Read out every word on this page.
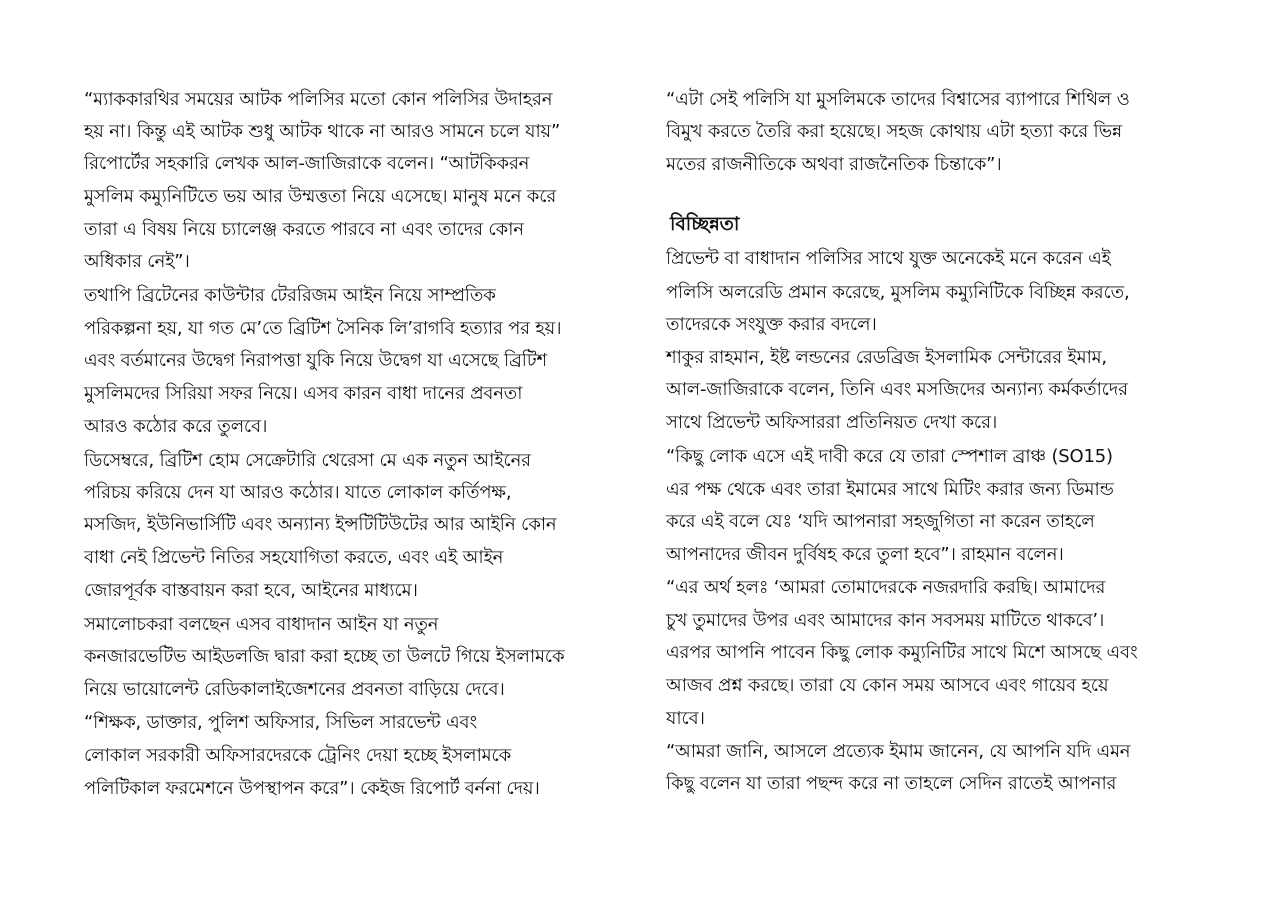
“ম্যাককারথির সময়ের আটক পলিসির মতো কোন পলিসির উদাহরন
হয় না। কিন্তু এই আটক শুধু আটক থাকে না আরও সামনে চলে যায়”
রিপোর্টের সহকারি লেখক আল-জাজিরাকে বলেন। “আটকিকরন
মুসলিম কম্যুনিটিতে ভয় আর উম্মত্ততা নিয়ে এসেছে। মানুষ মনে করে
তারা এ বিষয় নিয়ে চ্যালেঞ্জ করতে পারবে না এবং তাদের কোন
অধিকার নেই”।
তথাপি ব্রিটেনের কাউন্টার টেররিজম আইন নিয়ে সাম্প্রতিক
পরিকল্পনা হয়, যা গত মে’তে ব্রিটিশ সৈনিক লি’রাগবি হত্যার পর হয়।
এবং বর্তমানের উদ্বেগ নিরাপত্তা যুকি নিয়ে উদ্বেগ যা এসেছে ব্রিটিশ
মুসলিমদের সিরিয়া সফর নিয়ে। এসব কারন বাধা দানের প্রবনতা
আরও কঠোর করে তুলবে।
ডিসেম্বরে, ব্রিটিশ হোম সেক্রেটারি থেরেসা মে এক নতুন আইনের
পরিচয় করিয়ে দেন যা আরও কঠোর। যাতে লোকাল কর্তিপক্ষ,
মসজিদ, ইউনিভার্সিটি এবং অন্যান্য ইন্সটিটিউটের আর আইনি কোন
বাধা নেই প্রিভেন্ট নিতির সহযোগিতা করতে, এবং এই আইন
জোরপূর্বক বাস্তবায়ন করা হবে, আইনের মাধ্যমে।
সমালোচকরা বলছেন এসব বাধাদান আইন যা নতুন
কনজারভেটিভ আইডলজি দ্বারা করা হচ্ছে তা উলটে গিয়ে ইসলামকে
নিয়ে ভায়োলেন্ট রেডিকালাইজেশনের প্রবনতা বাড়িয়ে দেবে।
“শিক্ষক, ডাক্তার, পুলিশ অফিসার, সিভিল সারভেন্ট এবং
লোকাল সরকারী অফিসারদেরকে ট্রেনিং দেয়া হচ্ছে ইসলামকে
পলিটিকাল ফরমেশনে উপস্থাপন করে”। কেইজ রিপোর্ট বর্ননা দেয়।
“এটা সেই পলিসি যা মুসলিমকে তাদের বিশ্বাসের ব্যাপারে শিথিল ও
বিমুখ করতে তৈরি করা হয়েছে। সহজ কোথায় এটা হত্যা করে ভিন্ন
মতের রাজনীতিকে অথবা রাজনৈতিক চিন্তাকে”।
বিচ্ছিন্নতা
প্রিভেন্ট বা বাধাদান পলিসির সাথে যুক্ত অনেকেই মনে করেন এই
পলিসি অলরেডি প্রমান করেছে, মুসলিম কম্যুনিটিকে বিচ্ছিন্ন করতে,
তাদেরকে সংযুক্ত করার বদলে।
শাকুর রাহমান, ইষ্ট লন্ডনের রেডব্রিজ ইসলামিক সেন্টারের ইমাম,
আল-জাজিরাকে বলেন, তিনি এবং মসজিদের অন্যান্য কর্মকর্তাদের
সাথে প্রিভেন্ট অফিসাররা প্রতিনিয়ত দেখা করে।
“কিছু লোক এসে এই দাবী করে যে তারা স্পেশাল ব্রাঞ্চ (SO15)
এর পক্ষ থেকে এবং তারা ইমামের সাথে মিটিং করার জন্য ডিমান্ড
করে এই বলে যেঃ ‘যদি আপনারা সহজুগিতা না করেন তাহলে
আপনাদের জীবন দুর্বিষহ করে তুলা হবে”। রাহমান বলেন।
“এর অর্থ হলঃ ‘আমরা তোমাদেরকে নজরদারি করছি। আমাদের
চুখ তুমাদের উপর এবং আমাদের কান সবসময় মাটিতে থাকবে’।
এরপর আপনি পাবেন কিছু লোক কম্যুনিটির সাথে মিশে আসছে এবং
আজব প্রশ্ন করছে। তারা যে কোন সময় আসবে এবং গায়েব হয়ে
যাবে।
“আমরা জানি, আসলে প্রত্যেক ইমাম জানেন, যে আপনি যদি এমন
কিছু বলেন যা তারা পছন্দ করে না তাহলে সেদিন রাতেই আপনার
